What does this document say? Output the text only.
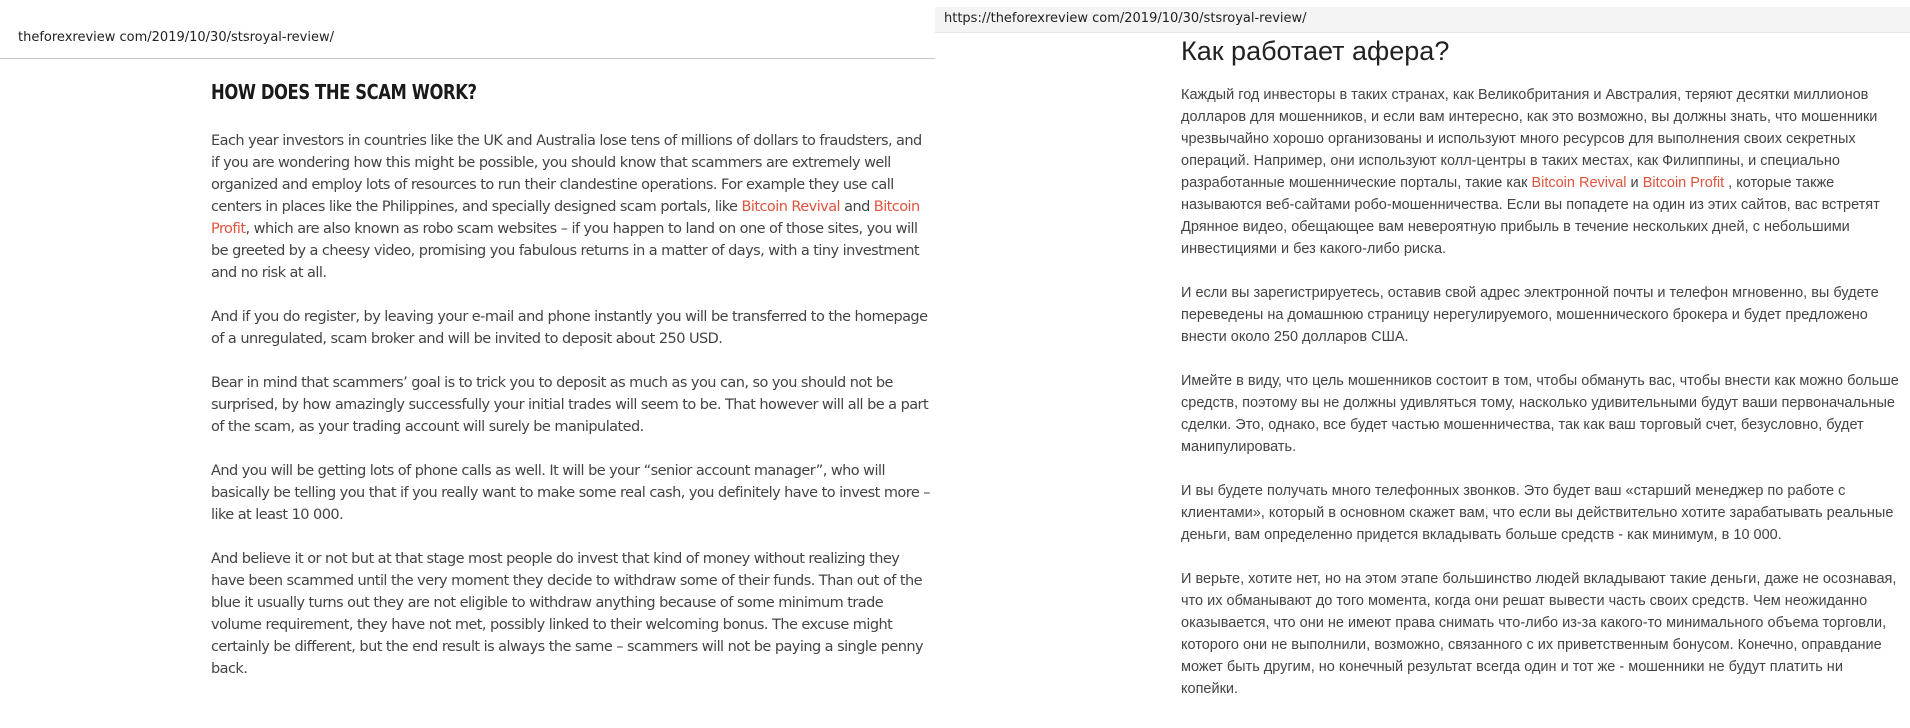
theforexreview com/2019/10/30/stsroyal-review/
HOW DOES THE SCAM WORK?

Each year investors in countries like the UK and Australia lose tens of millions of dollars to fraudsters, and if you are wondering how this might be possible, you should know that scammers are extremely well organized and employ lots of resources to run their clandestine operations. For example they use call centers in places like the Philippines, and specially designed scam portals, like Bitcoin Revival and Bitcoin Profit, which are also known as robo scam websites – if you happen to land on one of those sites, you will be greeted by a cheesy video, promising you fabulous returns in a matter of days, with a tiny investment and no risk at all.

And if you do register, by leaving your e-mail and phone instantly you will be transferred to the homepage of a unregulated, scam broker and will be invited to deposit about 250 USD.

Bear in mind that scammers’ goal is to trick you to deposit as much as you can, so you should not be surprised, by how amazingly successfully your initial trades will seem to be. That however will all be a part of the scam, as your trading account will surely be manipulated.

And you will be getting lots of phone calls as well. It will be your “senior account manager”, who will basically be telling you that if you really want to make some real cash, you definitely have to invest more – like at least 10 000.

And believe it or not but at that stage most people do invest that kind of money without realizing they have been scammed until the very moment they decide to withdraw some of their funds. Than out of the blue it usually turns out they are not eligible to withdraw anything because of some minimum trade volume requirement, they have not met, possibly linked to their welcoming bonus. The excuse might certainly be different, but the end result is always the same – scammers will not be paying a single penny back.

https://theforexreview com/2019/10/30/stsroyal-review/
Как работает афера?

Каждый год инвесторы в таких странах, как Великобритания и Австралия, теряют десятки миллионов долларов для мошенников, и если вам интересно, как это возможно, вы должны знать, что мошенники чрезвычайно хорошо организованы и используют много ресурсов для выполнения своих секретных операций. Например, они используют колл-центры в таких местах, как Филиппины, и специально разработанные мошеннические порталы, такие как Bitcoin Revival и Bitcoin Profit , которые также называются веб-сайтами робо-мошенничества. Если вы попадете на один из этих сайтов, вас встретят Дрянное видео, обещающее вам невероятную прибыль в течение нескольких дней, с небольшими инвестициями и без какого-либо риска.

И если вы зарегистрируетесь, оставив свой адрес электронной почты и телефон мгновенно, вы будете переведены на домашнюю страницу нерегулируемого, мошеннического брокера и будет предложено внести около 250 долларов США.

Имейте в виду, что цель мошенников состоит в том, чтобы обмануть вас, чтобы внести как можно больше средств, поэтому вы не должны удивляться тому, насколько удивительными будут ваши первоначальные сделки. Это, однако, все будет частью мошенничества, так как ваш торговый счет, безусловно, будет манипулировать.

И вы будете получать много телефонных звонков. Это будет ваш «старший менеджер по работе с клиентами», который в основном скажет вам, что если вы действительно хотите зарабатывать реальные деньги, вам определенно придется вкладывать больше средств - как минимум, в 10 000.

И верьте, хотите нет, но на этом этапе большинство людей вкладывают такие деньги, даже не осознавая, что их обманывают до того момента, когда они решат вывести часть своих средств. Чем неожиданно оказывается, что они не имеют права снимать что-либо из-за какого-то минимального объема торговли, которого они не выполнили, возможно, связанного с их приветственным бонусом. Конечно, оправдание может быть другим, но конечный результат всегда один и тот же - мошенники не будут платить ни копейки.
